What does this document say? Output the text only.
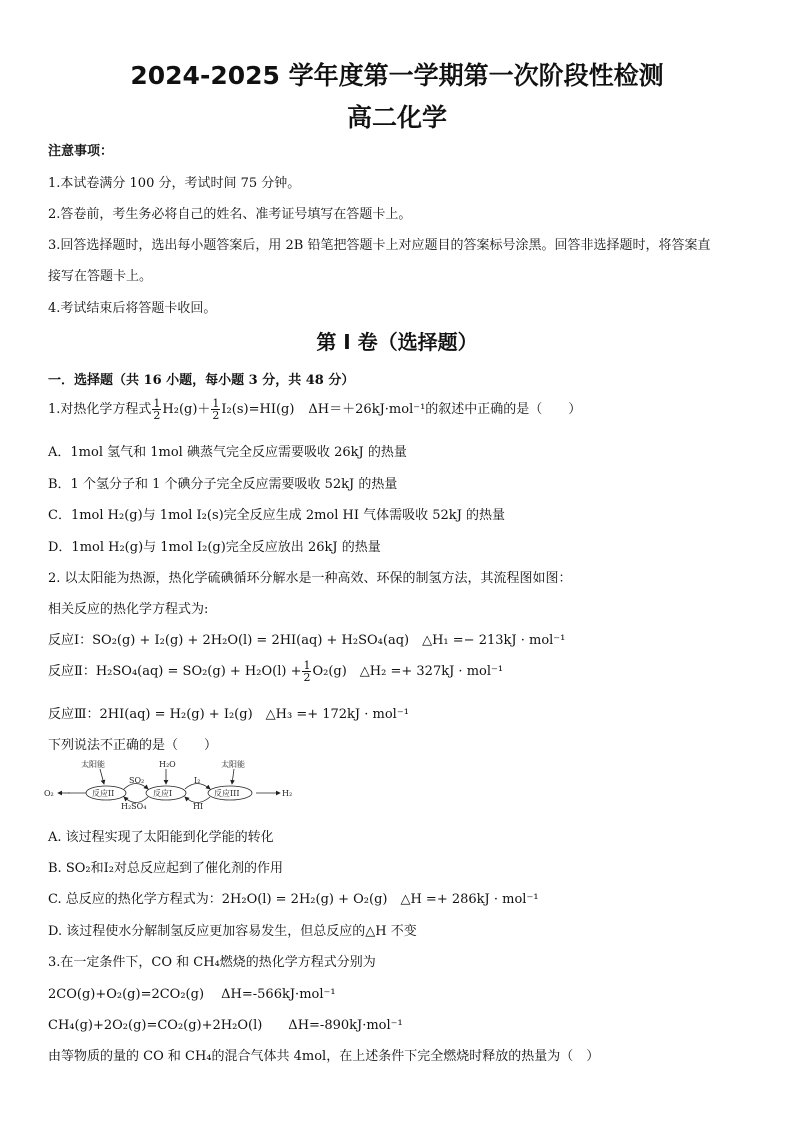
2024-2025 学年度第一学期第一次阶段性检测
高二化学
注意事项：
1.本试卷满分 100 分，考试时间 75 分钟。
2.答卷前，考生务必将自己的姓名、准考证号填写在答题卡上。
3.回答选择题时，选出每小题答案后，用 2B 铅笔把答题卡上对应题目的答案标号涂黑。回答非选择题时，将答案直
接写在答题卡上。
4.考试结束后将答题卡收回。
第 I 卷（选择题）
一．选择题（共 16 小题，每小题 3 分，共 48 分）
1.对热化学方程式 $\frac{1}{2} H_2(g)+ \frac{1}{2} I_2(s)=HI(g)$ ΔH＝＋26kJ·mol⁻¹的叙述中正确的是（　　）
A．1mol 氢气和 1mol 碘蒸气完全反应需要吸收 26kJ 的热量
B．1 个氢分子和 1 个碘分子完全反应需要吸收 52kJ 的热量
C．1mol H₂(g)与 1mol I₂(s)完全反应生成 2mol HI 气体需吸收 52kJ 的热量
D．1mol H₂(g)与 1mol I₂(g)完全反应放出 26kJ 的热量
2. 以太阳能为热源，热化学硫碘循环分解水是一种高效、环保的制氢方法，其流程图如图：
相关反应的热化学方程式为:
反应Ⅰ：SO₂(g) + I₂(g) + 2H₂O(l) = 2HI(aq) + H₂SO₄(aq)　△H₁ =− 213kJ · mol⁻¹
反应Ⅱ：$H_2SO_4(aq) = SO_2(g) + H_2O(l) + \frac{1}{2} O_2(g)$　△H₂ =+ 327kJ · mol⁻¹
反应Ⅲ：2HI(aq) = H₂(g) + I₂(g)　△H₃ =+ 172kJ · mol⁻¹
下列说法不正确的是（　　）
O₂	H₂
反应II	反应I	反应III
SO₂
H₂SO₄
I₂
HI
太阳能	H₂O	太阳能
A. 该过程实现了太阳能到化学能的转化
B. SO₂和I₂对总反应起到了催化剂的作用
C. 总反应的热化学方程式为：2H₂O(l) = 2H₂(g) + O₂(g)　△H =+ 286kJ · mol⁻¹
D. 该过程使水分解制氢反应更加容易发生，但总反应的△H 不变
3.在一定条件下，CO 和 CH₄燃烧的热化学方程式分别为
2CO(g)+O₂(g)=2CO₂(g)　 ΔH=-566kJ·mol⁻¹
CH₄(g)+2O₂(g)=CO₂(g)+2H₂O(l)　　ΔH=-890kJ·mol⁻¹
由等物质的量的 CO 和 CH₄的混合气体共 4mol，在上述条件下完全燃烧时释放的热量为（　）
